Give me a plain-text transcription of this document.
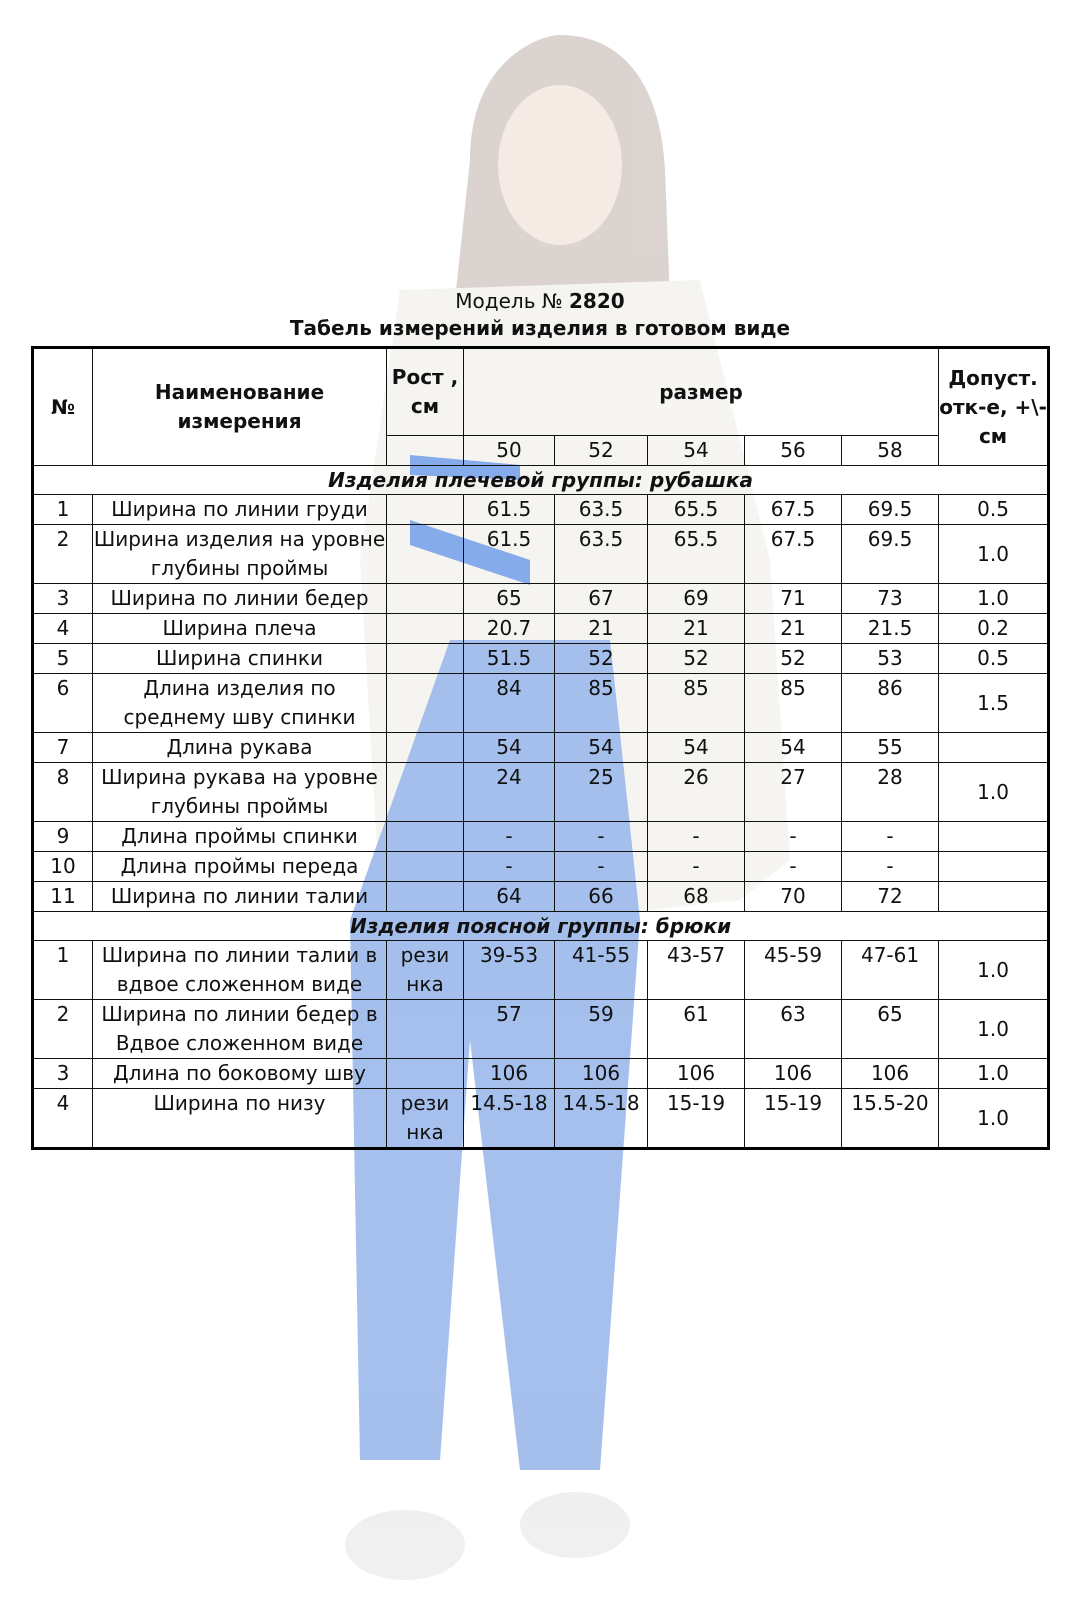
Модель № 2820
Табель измерений изделия в готовом виде
№	Наименование измерения	Рост , см	размер					Допуст. отк-е, +\-см
			50	52	54	56	58	
Изделия плечевой группы: рубашка								
1	Ширина по линии груди		61.5	63.5	65.5	67.5	69.5	0.5
2	Ширина изделия на уровне глубины проймы		61.5	63.5	65.5	67.5	69.5	1.0
3	Ширина по линии бедер		65	67	69	71	73	1.0
4	Ширина плеча		20.7	21	21	21	21.5	0.2
5	Ширина спинки		51.5	52	52	52	53	0.5
6	Длина изделия по среднему шву спинки		84	85	85	85	86	1.5
7	Длина рукава		54	54	54	54	55	
8	Ширина рукава на уровне глубины проймы		24	25	26	27	28	1.0
9	Длина проймы спинки		-	-	-	-	-	
10	Длина проймы переда		-	-	-	-	-	
11	Ширина по линии талии		64	66	68	70	72	
Изделия поясной группы: брюки								
1	Ширина по линии талии в вдвое сложенном виде	рези нка	39-53	41-55	43-57	45-59	47-61	1.0
2	Ширина по линии бедер в Вдвое сложенном виде		57	59	61	63	65	1.0
3	Длина по боковому шву		106	106	106	106	106	1.0
4	Ширина по низу	рези нка	14.5-18	14.5-18	15-19	15-19	15.5-20	1.0
